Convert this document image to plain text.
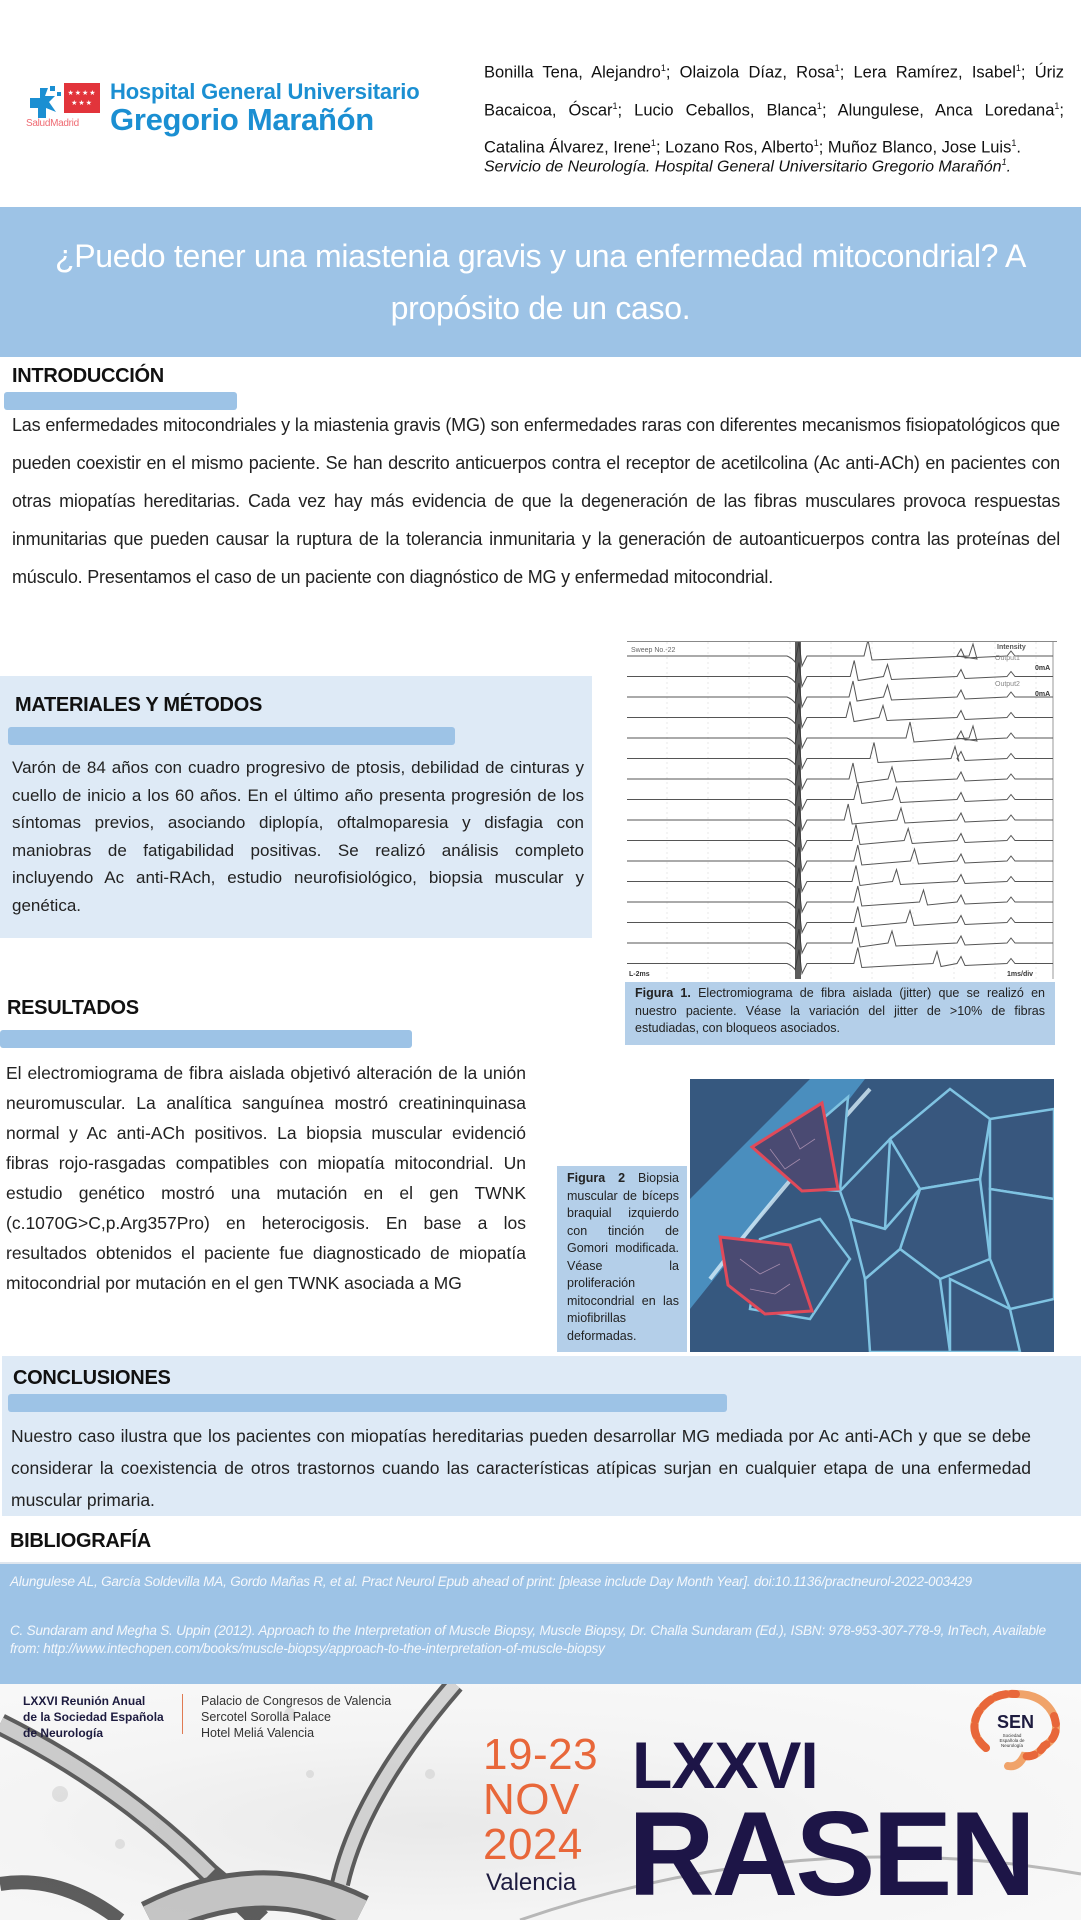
★★★★ ★★★
SaludMadrid
Hospital General Universitario
Gregorio Marañón
Bonilla Tena, Alejandro$^1$; Olaizola Díaz, Rosa$^1$; Lera Ramírez, Isabel$^1$; Úriz Bacaicoa, Óscar$^1$; Lucio Ceballos, Blanca$^1$; Alungulese, Anca Loredana$^1$; Catalina Álvarez, Irene$^1$; Lozano Ros, Alberto$^1$; Muñoz Blanco, Jose Luis$^1$.
Servicio de Neurología. Hospital General Universitario Gregorio Marañón$^1$.
¿Puedo tener una miastenia gravis y una enfermedad mitocondrial? A propósito de un caso.
INTRODUCCIÓN
Las enfermedades mitocondriales y la miastenia gravis (MG) son enfermedades raras con diferentes mecanismos fisiopatológicos que pueden coexistir en el mismo paciente. Se han descrito anticuerpos contra el receptor de acetilcolina (Ac anti-ACh) en pacientes con otras miopatías hereditarias. Cada vez hay más evidencia de que la degeneración de las fibras musculares provoca respuestas inmunitarias que pueden causar la ruptura de la tolerancia inmunitaria y la generación de autoanticuerpos contra las proteínas del músculo. Presentamos el caso de un paciente con diagnóstico de MG y enfermedad mitocondrial.
MATERIALES Y MÉTODOS
Varón de 84 años con cuadro progresivo de ptosis, debilidad de cinturas y cuello de inicio a los 60 años. En el último año presenta progresión de los síntomas previos, asociando diplopía, oftalmoparesia y disfagia con maniobras de fatigabilidad positivas. Se realizó análisis completo incluyendo Ac anti-RAch, estudio neurofisiológico, biopsia muscular y genética.
Sweep No.-22	Intensity
Output1
0mA
Output2
0mA
L-2ms	1ms/div
Figura 1. Electromiograma de fibra aislada (jitter) que se realizó en nuestro paciente. Véase la variación del jitter de >10% de fibras estudiadas, con bloqueos asociados.
RESULTADOS
El electromiograma de fibra aislada objetivó alteración de la unión neuromuscular. La analítica sanguínea mostró creatininquinasa normal y Ac anti-ACh positivos. La biopsia muscular evidenció fibras rojo-rasgadas compatibles con miopatía mitocondrial. Un estudio genético mostró una mutación en el gen TWNK (c.1070G>C,p.Arg357Pro) en heterocigosis. En base a los resultados obtenidos el paciente fue diagnosticado de miopatía mitocondrial por mutación en el gen TWNK asociada a MG
Figura 2 Biopsia muscular de bíceps braquial izquierdo con tinción de Gomori modificada. Véase la proliferación mitocondrial en las miofibrillas deformadas.
CONCLUSIONES
Nuestro caso ilustra que los pacientes con miopatías hereditarias pueden desarrollar MG mediada por Ac anti-ACh y que se debe considerar la coexistencia de otros trastornos cuando las características atípicas surjan en cualquier etapa de una enfermedad muscular primaria.
BIBLIOGRAFÍA
Alungulese AL, García Soldevilla MA, Gordo Mañas R, et al. Pract Neurol Epub ahead of print: [please include Day Month Year]. doi:10.1136/practneurol-2022-003429
C. Sundaram and Megha S. Uppin (2012). Approach to the Interpretation of Muscle Biopsy, Muscle Biopsy, Dr. Challa Sundaram (Ed.), ISBN: 978-953-307-778-9, InTech, Available from: http://www.intechopen.com/books/muscle-biopsy/approach-to-the-interpretation-of-muscle-biopsy
LXXVI Reunión Anual
de la Sociedad Española
de Neurología
Palacio de Congresos de Valencia
Sercotel Sorolla Palace
Hotel Meliá Valencia	19-23
NOV
2024
Valencia
LXXVI
RASEN
SEN
Sociedad Española de Neurología
